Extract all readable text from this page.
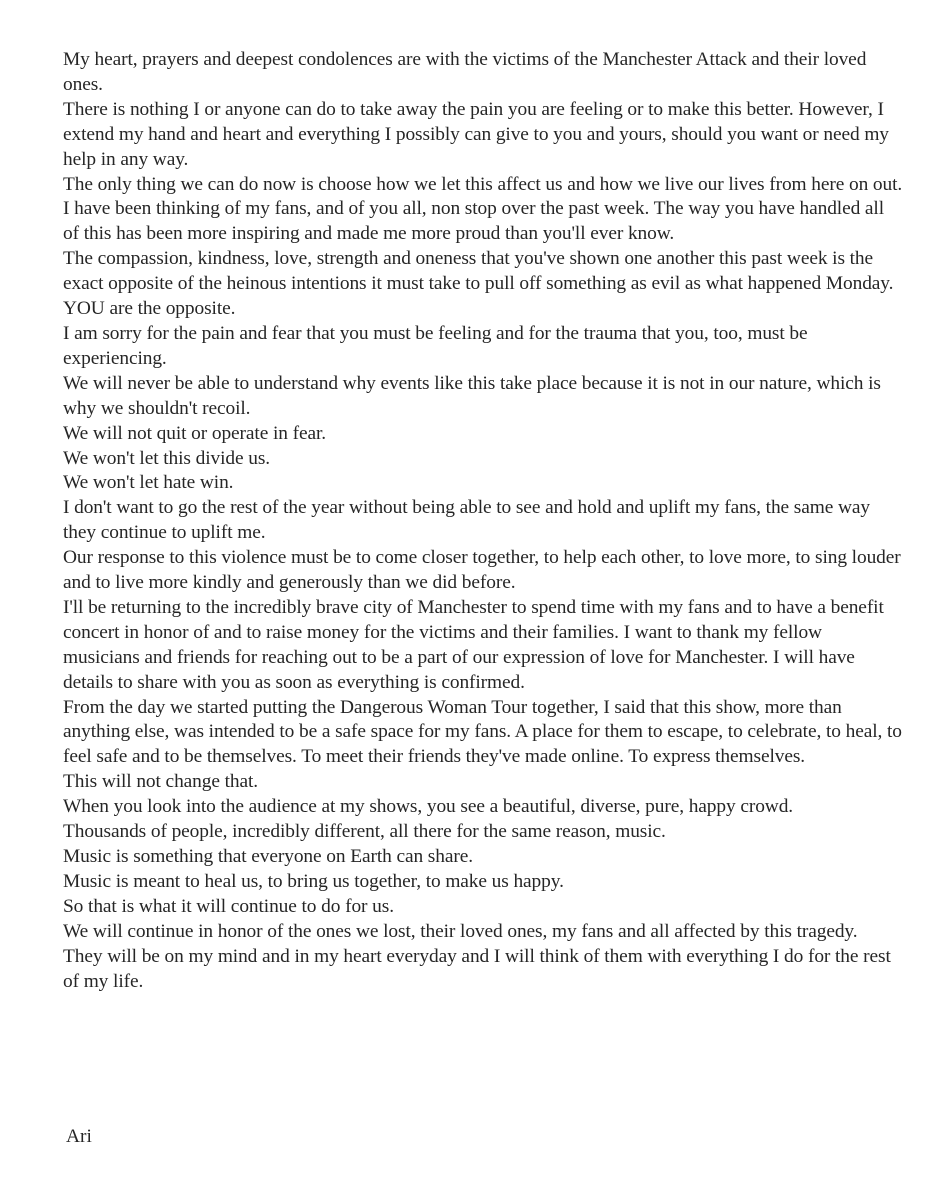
My heart, prayers and deepest condolences are with the victims of the Manchester Attack and their loved ones.

There is nothing I or anyone can do to take away the pain you are feeling or to make this better. However, I extend my hand and heart and everything I possibly can give to you and yours, should you want or need my help in any way.

The only thing we can do now is choose how we let this affect us and how we live our lives from here on out.

I have been thinking of my fans, and of you all, non stop over the past week. The way you have handled all of this has been more inspiring and made me more proud than you'll ever know.

The compassion, kindness, love, strength and oneness that you've shown one another this past week is the exact opposite of the heinous intentions it must take to pull off something as evil as what happened Monday.

YOU are the opposite.

I am sorry for the pain and fear that you must be feeling and for the trauma that you, too, must be experiencing.

We will never be able to understand why events like this take place because it is not in our nature, which is why we shouldn't recoil.

We will not quit or operate in fear.

We won't let this divide us.

We won't let hate win.

I don't want to go the rest of the year without being able to see and hold and uplift my fans, the same way they continue to uplift me.

Our response to this violence must be to come closer together, to help each other, to love more, to sing louder and to live more kindly and generously than we did before.

I'll be returning to the incredibly brave city of Manchester to spend time with my fans and to have a benefit concert in honor of and to raise money for the victims and their families. I want to thank my fellow musicians and friends for reaching out to be a part of our expression of love for Manchester. I will have details to share with you as soon as everything is confirmed.

From the day we started putting the Dangerous Woman Tour together, I said that this show, more than anything else, was intended to be a safe space for my fans. A place for them to escape, to celebrate, to heal, to feel safe and to be themselves. To meet their friends they've made online. To express themselves.

This will not change that.

When you look into the audience at my shows, you see a beautiful, diverse, pure, happy crowd.

Thousands of people, incredibly different, all there for the same reason, music.

Music is something that everyone on Earth can share.

Music is meant to heal us, to bring us together, to make us happy.

So that is what it will continue to do for us.

We will continue in honor of the ones we lost, their loved ones, my fans and all affected by this tragedy.

They will be on my mind and in my heart everyday and I will think of them with everything I do for the rest of my life.

Ari
